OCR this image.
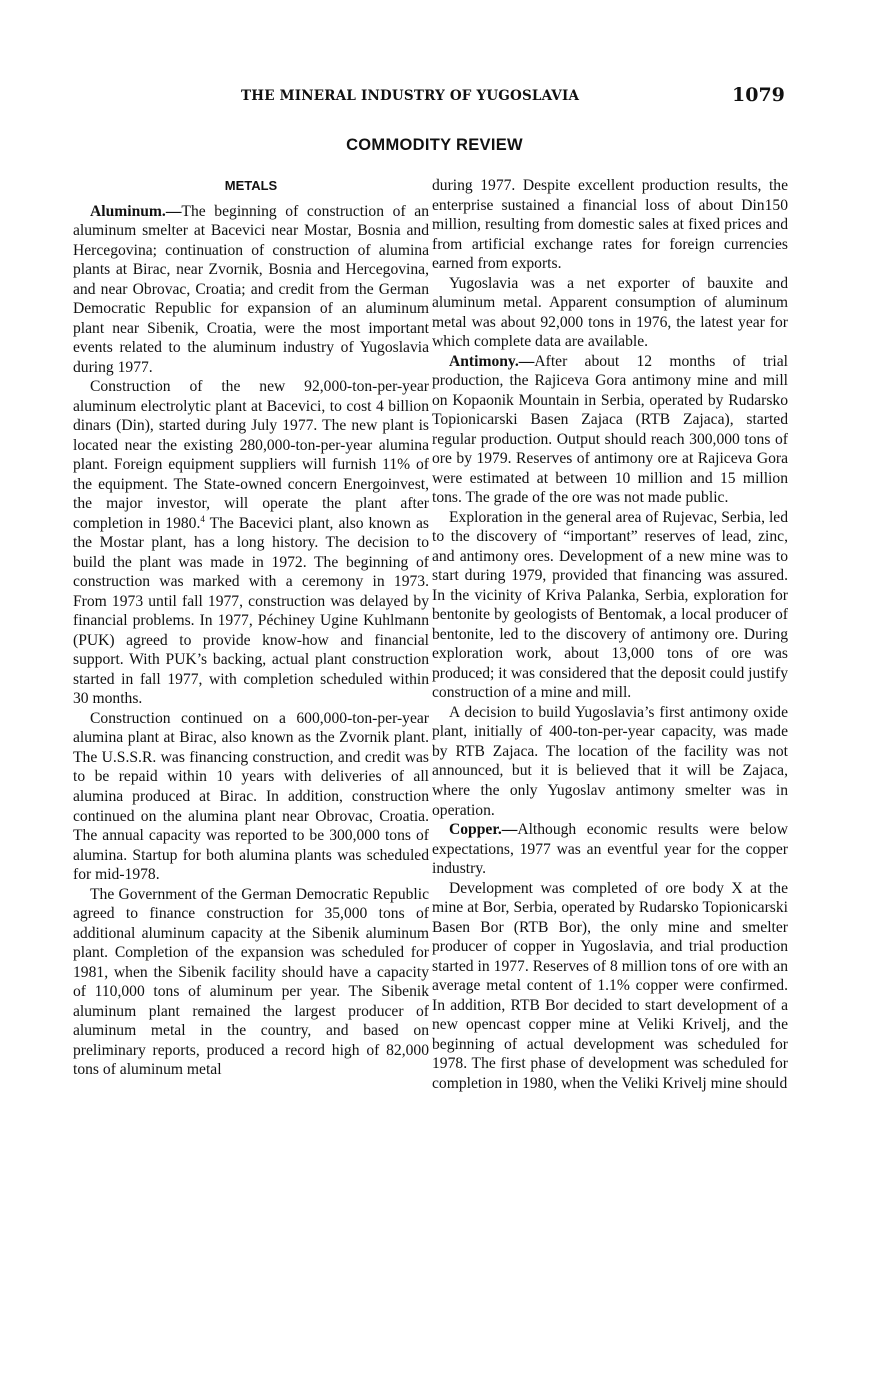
THE MINERAL INDUSTRY OF YUGOSLAVIA	1079
COMMODITY REVIEW
METALS

Aluminum.—The beginning of construction of an aluminum smelter at Bacevici near Mostar, Bosnia and Hercegovina; continuation of construction of alumina plants at Birac, near Zvornik, Bosnia and Hercegovina, and near Obrovac, Croatia; and credit from the German Democratic Republic for expansion of an aluminum plant near Sibenik, Croatia, were the most important events related to the aluminum industry of Yugoslavia during 1977.

Construction of the new 92,000-ton-per-year aluminum electrolytic plant at Bacevici, to cost 4 billion dinars (Din), started during July 1977. The new plant is located near the existing 280,000-ton-per-year alumina plant. Foreign equipment suppliers will furnish 11% of the equipment. The State-owned concern Energoinvest, the major investor, will operate the plant after completion in 1980.$^4$ The Bacevici plant, also known as the Mostar plant, has a long history. The decision to build the plant was made in 1972. The beginning of construction was marked with a ceremony in 1973. From 1973 until fall 1977, construction was delayed by financial problems. In 1977, Péchiney Ugine Kuhlmann (PUK) agreed to provide know-how and financial support. With PUK’s backing, actual plant construction started in fall 1977, with completion scheduled within 30 months.

Construction continued on a 600,000-ton-per-year alumina plant at Birac, also known as the Zvornik plant. The U.S.S.R. was financing construction, and credit was to be repaid within 10 years with deliveries of all alumina produced at Birac. In addition, construction continued on the alumina plant near Obrovac, Croatia. The annual capacity was reported to be 300,000 tons of alumina. Startup for both alumina plants was scheduled for mid-1978.

The Government of the German Democratic Republic agreed to finance construction for 35,000 tons of additional aluminum capacity at the Sibenik aluminum plant. Completion of the expansion was scheduled for 1981, when the Sibenik facility should have a capacity of 110,000 tons of aluminum per year. The Sibenik aluminum plant remained the largest producer of aluminum metal in the country, and based on preliminary reports, produced a record high of 82,000 tons of aluminum metal

during 1977. Despite excellent production results, the enterprise sustained a financial loss of about Din150 million, resulting from domestic sales at fixed prices and from artificial exchange rates for foreign currencies earned from exports.

Yugoslavia was a net exporter of bauxite and aluminum metal. Apparent consumption of aluminum metal was about 92,000 tons in 1976, the latest year for which complete data are available.

Antimony.—After about 12 months of trial production, the Rajiceva Gora antimony mine and mill on Kopaonik Mountain in Serbia, operated by Rudarsko Topionicarski Basen Zajaca (RTB Zajaca), started regular production. Output should reach 300,000 tons of ore by 1979. Reserves of antimony ore at Rajiceva Gora were estimated at between 10 million and 15 million tons. The grade of the ore was not made public.

Exploration in the general area of Rujevac, Serbia, led to the discovery of “important” reserves of lead, zinc, and antimony ores. Development of a new mine was to start during 1979, provided that financing was assured. In the vicinity of Kriva Palanka, Serbia, exploration for bentonite by geologists of Bentomak, a local producer of bentonite, led to the discovery of antimony ore. During exploration work, about 13,000 tons of ore was produced; it was considered that the deposit could justify construction of a mine and mill.

A decision to build Yugoslavia’s first antimony oxide plant, initially of 400-ton-per-year capacity, was made by RTB Zajaca. The location of the facility was not announced, but it is believed that it will be Zajaca, where the only Yugoslav antimony smelter was in operation.

Copper.—Although economic results were below expectations, 1977 was an eventful year for the copper industry.

Development was completed of ore body X at the mine at Bor, Serbia, operated by Rudarsko Topionicarski Basen Bor (RTB Bor), the only mine and smelter producer of copper in Yugoslavia, and trial production started in 1977. Reserves of 8 million tons of ore with an average metal content of 1.1% copper were confirmed. In addition, RTB Bor decided to start development of a new opencast copper mine at Veliki Krivelj, and the beginning of actual development was scheduled for 1978. The first phase of development was scheduled for completion in 1980, when the Veliki Krivelj mine should
